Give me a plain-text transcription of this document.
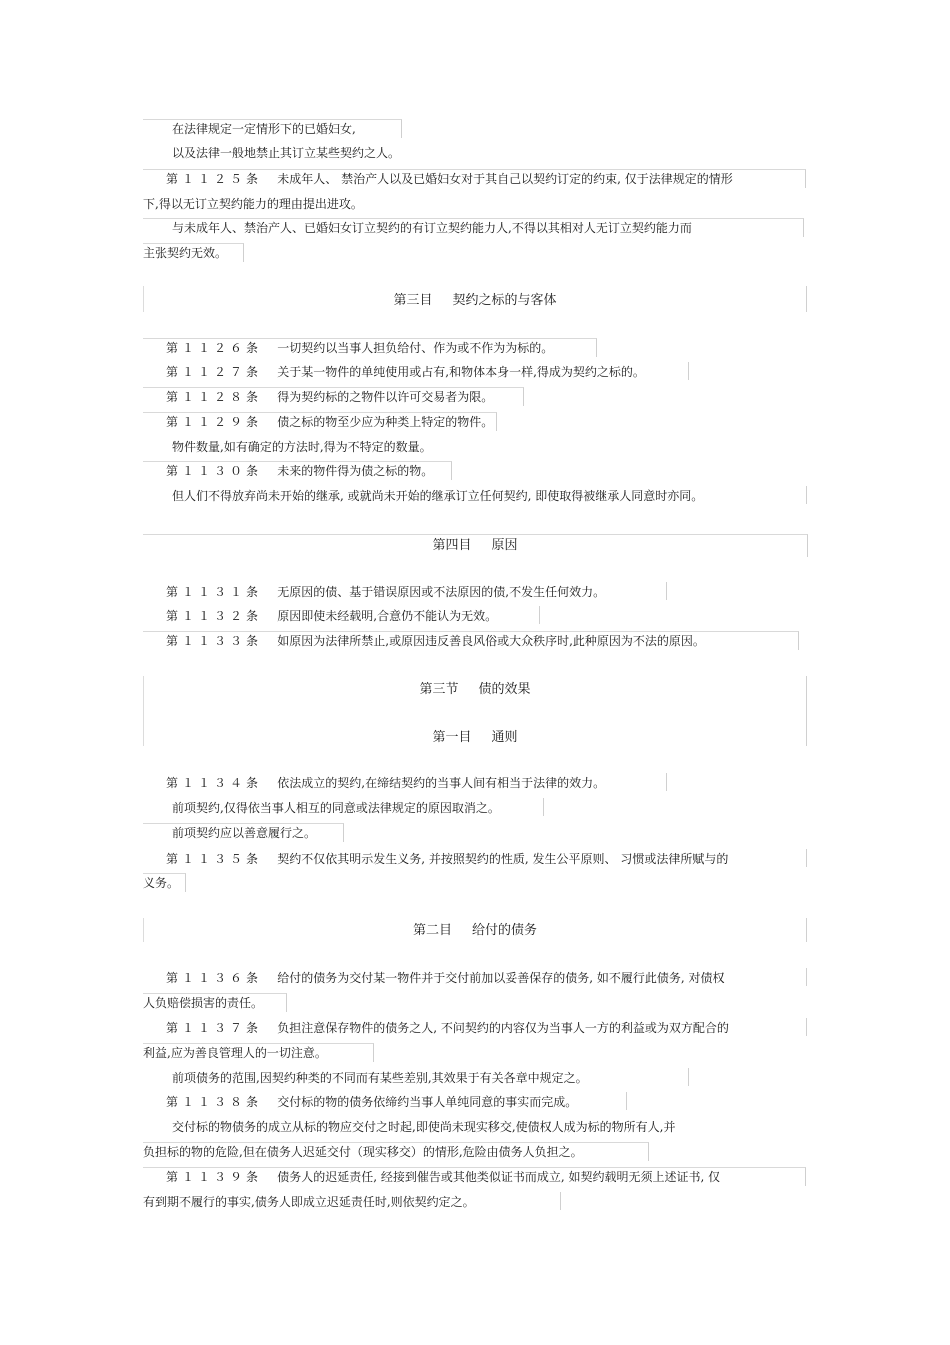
在法律规定一定情形下的已婚妇女,
以及法律一般地禁止其订立某些契约之人。
第１１２５条 未成年人、 禁治产人以及已婚妇女对于其自己以契约订定的约束, 仅于法律规定的情形
下,得以无订立契约能力的理由提出进攻。
与未成年人、禁治产人、已婚妇女订立契约的有订立契约能力人,不得以其相对人无订立契约能力而
主张契约无效。
第三目 契约之标的与客体
第１１２６条 一切契约以当事人担负给付、作为或不作为为标的。
第１１２７条 关于某一物件的单纯使用或占有,和物体本身一样,得成为契约之标的。
第１１２８条 得为契约标的之物件以许可交易者为限。
第１１２９条 债之标的物至少应为种类上特定的物件。
物件数量,如有确定的方法时,得为不特定的数量。
第１１３０条 未来的物件得为债之标的物。
但人们不得放弃尚未开始的继承, 或就尚未开始的继承订立任何契约, 即使取得被继承人同意时亦同。
第四目 原因
第１１３１条 无原因的债、基于错误原因或不法原因的债,不发生任何效力。
第１１３２条 原因即使未经载明,合意仍不能认为无效。
第１１３３条 如原因为法律所禁止,或原因违反善良风俗或大众秩序时,此种原因为不法的原因。
第三节 债的效果
第一目 通则
第１１３４条 依法成立的契约,在缔结契约的当事人间有相当于法律的效力。
前项契约,仅得依当事人相互的同意或法律规定的原因取消之。
前项契约应以善意履行之。
第１１３５条 契约不仅依其明示发生义务, 并按照契约的性质, 发生公平原则、 习惯或法律所赋与的
义务。
第二目 给付的债务
第１１３６条 给付的债务为交付某一物件并于交付前加以妥善保存的债务, 如不履行此债务, 对债权
人负赔偿损害的责任。
第１１３７条 负担注意保存物件的债务之人, 不问契约的内容仅为当事人一方的利益或为双方配合的
利益,应为善良管理人的一切注意。
前项债务的范围,因契约种类的不同而有某些差别,其效果于有关各章中规定之。
第１１３８条 交付标的物的债务依缔约当事人单纯同意的事实而完成。
交付标的物债务的成立从标的物应交付之时起,即使尚未现实移交,使债权人成为标的物所有人,并
负担标的物的危险,但在债务人迟延交付（现实移交）的情形,危险由债务人负担之。
第１１３９条 债务人的迟延责任, 经接到催告或其他类似证书而成立, 如契约载明无须上述证书, 仅
有到期不履行的事实,债务人即成立迟延责任时,则依契约定之。
